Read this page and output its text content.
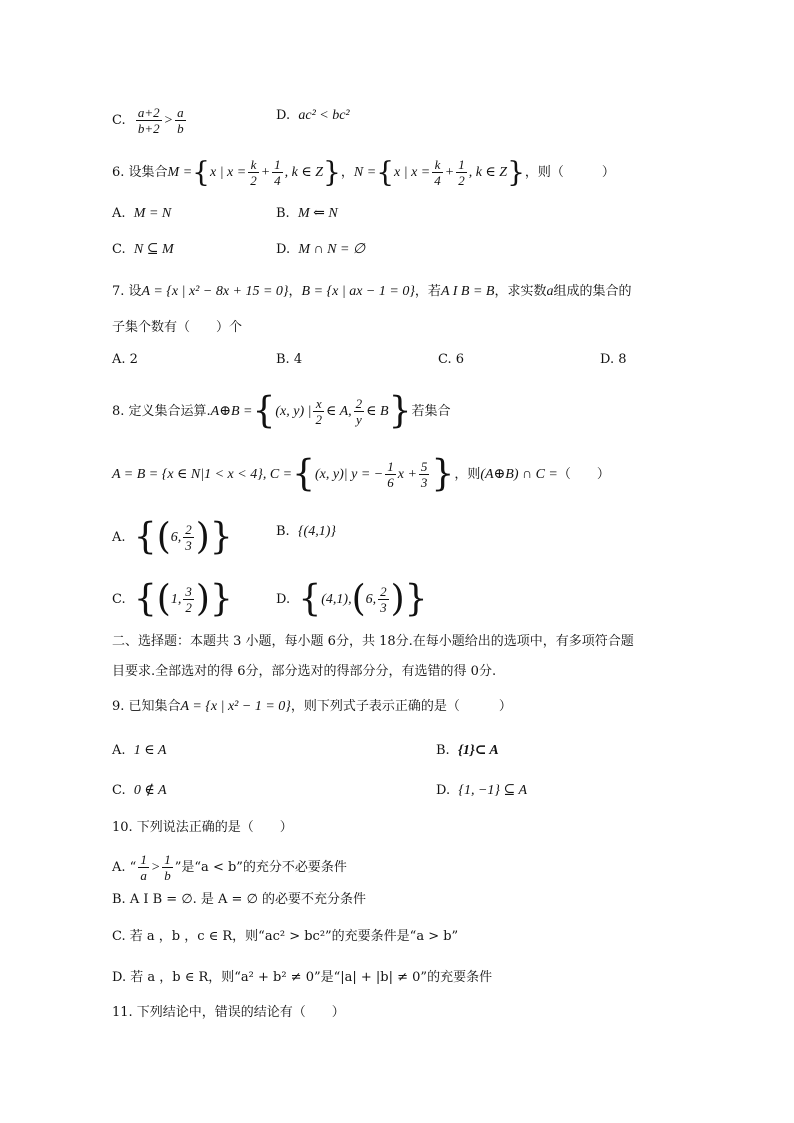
C. $\frac{a+2}{b+2} > \frac{a}{b}$	D. ac² < bc²
6. 设集合M ={x | $x = \frac{k}{2} + \frac{1}{4}$ , k ∈ Z}，N ={x | $x = \frac{k}{4} + \frac{1}{2}$ , k ∈ Z}，则（	）
A. M = N	B. M ⇐ N
C. N ⊆ M	D. M ∩ N = ∅
7. 设A = {x | x² − 8x + 15 = 0}，B = {x | ax − 1 = 0}，若A I B = B，求实数a组成的集合的
子集个数有（　　）个
A. 2	B. 4	C. 6	D. 8
8. 定义集合运算.A⊕B ={(x, y) | $\frac{x}{2}$ ∈ A, $\frac{2}{y}$ ∈ B}若集合
A = B = {x ∈ N|1 < x < 4}, C ={(x, y)| y = − $\frac{1}{6}$ $x + \frac{5}{3}$ }，则(A⊕B) ∩ C =（　　）
A. {(6, $\frac{2}{3}$ )}	B. {(4,1)}
C. {(1, $\frac{3}{2}$ )}	D. {(4,1),(6, $\frac{2}{3}$ )}
二、选择题：本题共 3 小题，每小题 6分，共 18分.在每小题给出的选项中，有多项符合题
目要求.全部选对的得 6分，部分选对的得部分分，有选错的得 0分.
9. 已知集合A = {x | x² − 1 = 0}，则下列式子表示正确的是（　　　）
A. 1 ∈ A	B. {1}⊂ A
C. 0 ∉ A	D. {1, −1} ⊆ A
10. 下列说法正确的是（　　）
A. “ $\frac{1}{a} > \frac{1}{b}$ ”是“a < b”的充分不必要条件
B. A I B = ∅. 是 A = ∅ 的必要不充分条件
C. 若 a ，b ，c ∈ R，则“ac² > bc²”的充要条件是“a > b”
D. 若 a ，b ∈ R，则“a² + b² ≠ 0”是“|a| + |b| ≠ 0”的充要条件
11. 下列结论中，错误的结论有（　　）
